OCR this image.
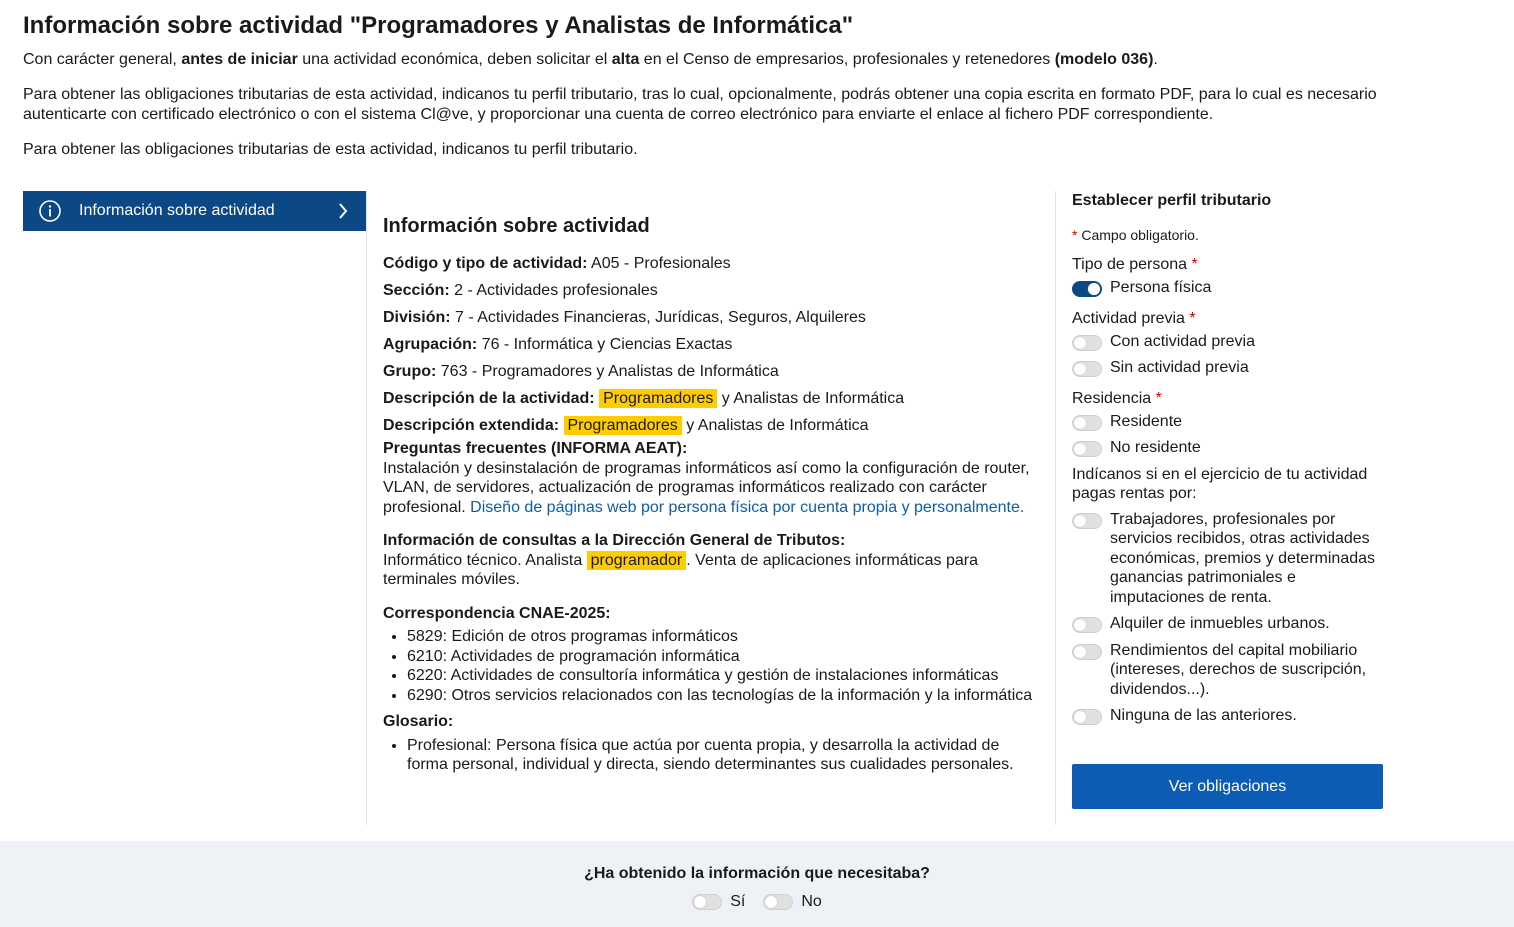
Información sobre actividad "Programadores y Analistas de Informática"

Con carácter general, antes de iniciar una actividad económica, deben solicitar el alta en el Censo de empresarios, profesionales y retenedores (modelo 036).

Para obtener las obligaciones tributarias de esta actividad, indicanos tu perfil tributario, tras lo cual, opcionalmente, podrás obtener una copia escrita en formato PDF, para lo cual es necesario autenticarte con certificado electrónico o con el sistema Cl@ve, y proporcionar una cuenta de correo electrónico para enviarte el enlace al fichero PDF correspondiente.

Para obtener las obligaciones tributarias de esta actividad, indicanos tu perfil tributario.

Información sobre actividad
Información sobre actividad
Código y tipo de actividad: A05 - Profesionales
Sección: 2 - Actividades profesionales
División: 7 - Actividades Financieras, Jurídicas, Seguros, Alquileres
Agrupación: 76 - Informática y Ciencias Exactas
Grupo: 763 - Programadores y Analistas de Informática
Descripción de la actividad: Programadores y Analistas de Informática
Descripción extendida: Programadores y Analistas de Informática
Preguntas frecuentes (INFORMA AEAT):
Instalación y desinstalación de programas informáticos así como la configuración de router, VLAN, de servidores, actualización de programas informáticos realizado con carácter profesional. Diseño de páginas web por persona física por cuenta propia y personalmente.
Información de consultas a la Dirección General de Tributos:
Informático técnico. Analista programador . Venta de aplicaciones informáticas para terminales móviles.
Correspondencia CNAE-2025:
• 5829: Edición de otros programas informáticos
• 6210: Actividades de programación informática
• 6220: Actividades de consultoría informática y gestión de instalaciones informáticas
• 6290: Otros servicios relacionados con las tecnologías de la información y la informática
Glosario:
• Profesional: Persona física que actúa por cuenta propia, y desarrolla la actividad de forma personal, individual y directa, siendo determinantes sus cualidades personales.
Establecer perfil tributario
* Campo obligatorio.
Tipo de persona *
Persona física
Actividad previa *
Con actividad previa
Sin actividad previa
Residencia *
Residente
No residente
Indícanos si en el ejercicio de tu actividad pagas rentas por:
Trabajadores, profesionales por servicios recibidos, otras actividades económicas, premios y determinadas ganancias patrimoniales e imputaciones de renta.
Alquiler de inmuebles urbanos.
Rendimientos del capital mobiliario (intereses, derechos de suscripción, dividendos...).
Ninguna de las anteriores.
Ver obligaciones
¿Ha obtenido la información que necesitaba?
Sí	No
